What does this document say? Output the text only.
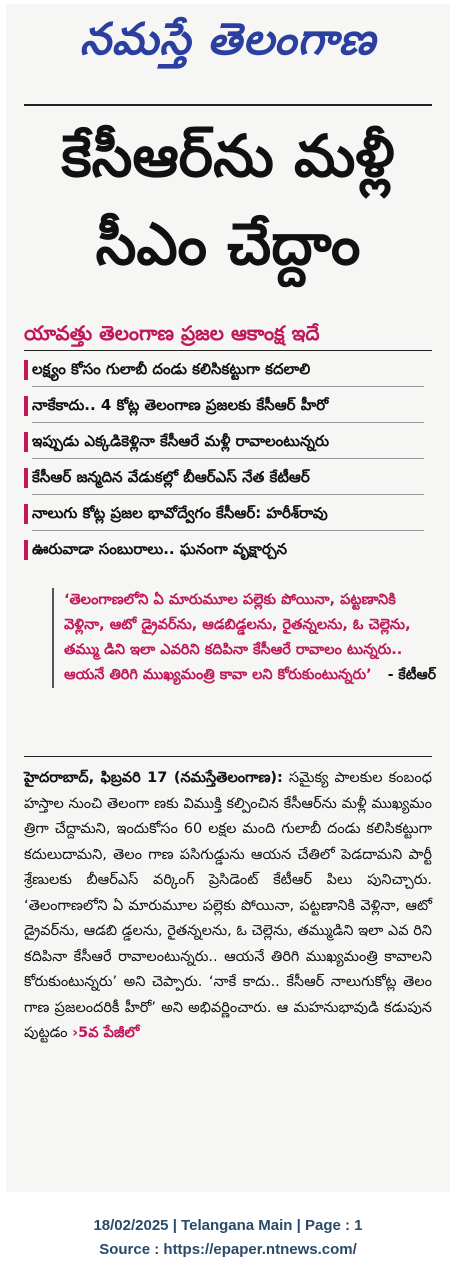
నమస్తే తెలంగాణ
కేసీఆర్‌ను మళ్లీ
సీఎం చేద్దాం
యావత్తు తెలంగాణ ప్రజల ఆకాంక్ష ఇదే
లక్ష్యం కోసం గులాబీ దండు కలిసికట్టుగా కదలాలి
నాకేకాదు.. 4 కోట్ల తెలంగాణ ప్రజలకు కేసీఆర్ హీరో
ఇప్పుడు ఎక్కడికెళ్లినా కేసీఆరే మళ్లీ రావాలంటున్నరు
కేసీఆర్ జన్మదిన వేడుకల్లో బీఆర్ఎస్ నేత కేటీఆర్
నాలుగు కోట్ల ప్రజల భావోద్వేగం కేసీఆర్: హరీశ్‌రావు
ఊరువాడా సంబురాలు.. ఘనంగా వృక్షార్చన
‘తెలంగాణలోని ఏ మారుమూల పల్లెకు పోయినా, పట్టణానికి వెళ్లినా, ఆటో డ్రైవర్‌ను, ఆడబిడ్డలను, రైతన్నలను, ఓ చెల్లెను, తమ్ము డిని ఇలా ఎవరిని కదిపినా కేసీఆరే రావాలం టున్నరు.. ఆయనే తిరిగి ముఖ్యమంత్రి కావా లని కోరుకుంటున్నరు’	- కేటీఆర్
హైదరాబాద్, ఫిబ్రవరి 17 (నమస్తేతెలంగాణ): సమైక్య పాలకుల కంబంధ హస్తాల నుంచి తెలంగా ణకు విముక్తి కల్పించిన కేసీఆర్‌ను మళ్లీ ముఖ్యమం త్రిగా చేద్దామని, ఇందుకోసం 60 లక్షల మంది గులాబీ దండు కలిసికట్టుగా కదులుదామని, తెలం గాణ పసిగుడ్డును ఆయన చేతిలో పెడదామని పార్టీ శ్రేణులకు బీఆర్ఎస్ వర్కింగ్ ప్రెసిడెంట్ కేటీఆర్ పిలు పునిచ్చారు. ‘తెలంగాణలోని ఏ మారుమూల పల్లెకు పోయినా, పట్టణానికి వెళ్లినా, ఆటో డ్రైవర్‌ను, ఆడబి డ్డలను, రైతన్నలను, ఓ చెల్లెను, తమ్ముడిని ఇలా ఎవ రిని కదిపినా కేసీఆరే రావాలంటున్నరు.. ఆయనే తిరిగి ముఖ్యమంత్రి కావాలని కోరుకుంటున్నరు’ అని చెప్పారు. ‘నాకే కాదు.. కేసీఆర్ నాలుగుకోట్ల తెలం గాణ ప్రజలందరికీ హీరో’ అని అభివర్ణించారు. ఆ మహనుభావుడి కడుపున పుట్టడం ›5వ పేజీలో
18/02/2025 | Telangana Main | Page : 1
Source : https://epaper.ntnews.com/
